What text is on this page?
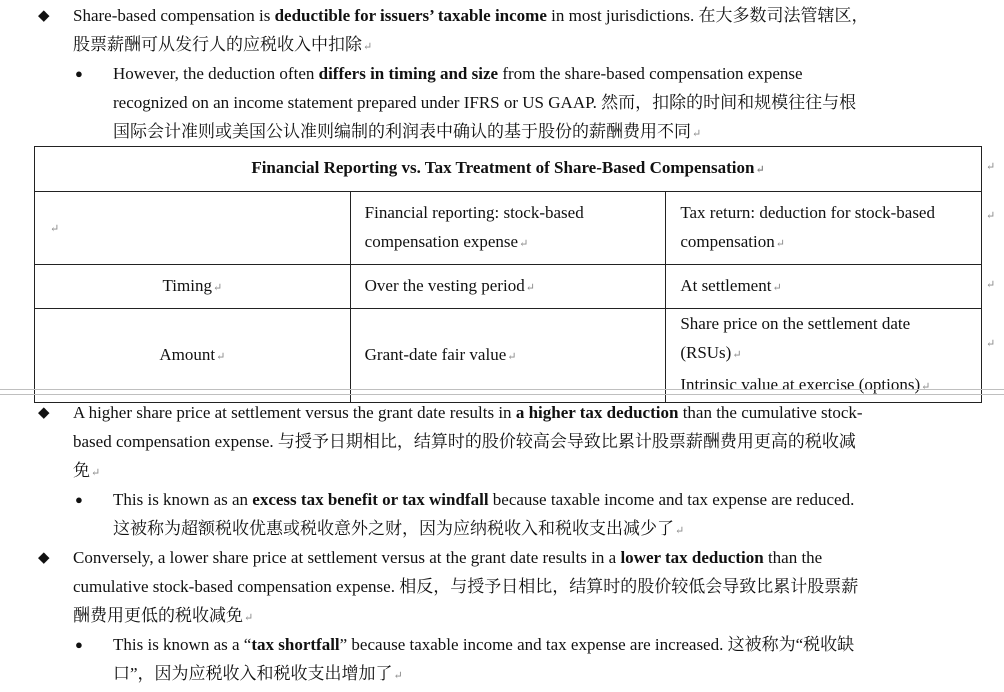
◆ Share-based compensation is deductible for issuers’ taxable income in most jurisdictions. 在大多数司法管辖区，
股票薪酬可从发行人的应税收入中扣除↵
● However, the deduction often differs in timing and size from the share-based compensation expense
recognized on an income statement prepared under IFRS or US GAAP. 然而，扣除的时间和规模往往与根
国际会计准则或美国公认准则编制的利润表中确认的基于股份的薪酬费用不同↵
Financial Reporting vs. Tax Treatment of Share-Based Compensation↵		
↵	Financial reporting: stock-based compensation expense↵	Tax return: deduction for stock-based compensation↵
Timing↵	Over the vesting period↵	At settlement↵
Amount↵	Grant-date fair value↵	Share price on the settlement date (RSUs)↵
Intrinsic value at exercise (options)↵
↵
↵
↵
↵
◆ A higher share price at settlement versus the grant date results in a higher tax deduction than the cumulative stock-
based compensation expense. 与授予日期相比，结算时的股价较高会导致比累计股票薪酬费用更高的税收减
免↵
● This is known as an excess tax benefit or tax windfall because taxable income and tax expense are reduced.
这被称为超额税收优惠或税收意外之财，因为应纳税收入和税收支出减少了↵
◆ Conversely, a lower share price at settlement versus at the grant date results in a lower tax deduction than the
cumulative stock-based compensation expense. 相反，与授予日相比，结算时的股价较低会导致比累计股票薪
酬费用更低的税收减免↵
● This is known as a “tax shortfall” because taxable income and tax expense are increased. 这被称为“税收缺
口”，因为应税收入和税收支出增加了↵
